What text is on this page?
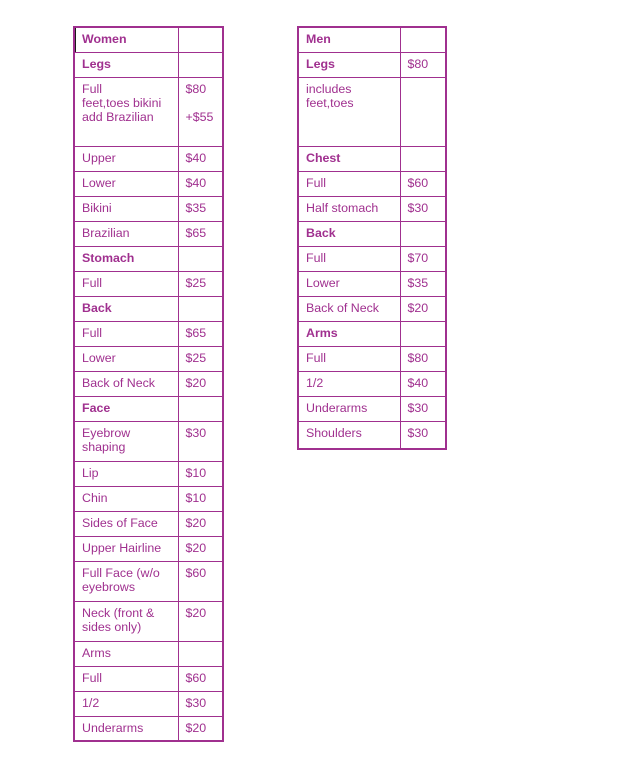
Women	
Legs	
Full
feet,toes bikini
add Brazilian	$80

+$55
Upper	$40
Lower	$40
Bikini	$35
Brazilian	$65
Stomach	
Full	$25
Back	
Full	$65
Lower	$25
Back of Neck	$20
Face	
Eyebrow
shaping	$30
Lip	$10
Chin	$10
Sides of Face	$20
Upper Hairline	$20
Full Face (w/o
eyebrows	$60
Neck (front &
sides only)	$20
Arms	
Full	$60
1/2	$30
Underarms	$20
Men	
Legs	$80
includes
feet,toes	
Chest	
Full	$60
Half stomach	$30
Back	
Full	$70
Lower	$35
Back of Neck	$20
Arms	
Full	$80
1/2	$40
Underarms	$30
Shoulders	$30
